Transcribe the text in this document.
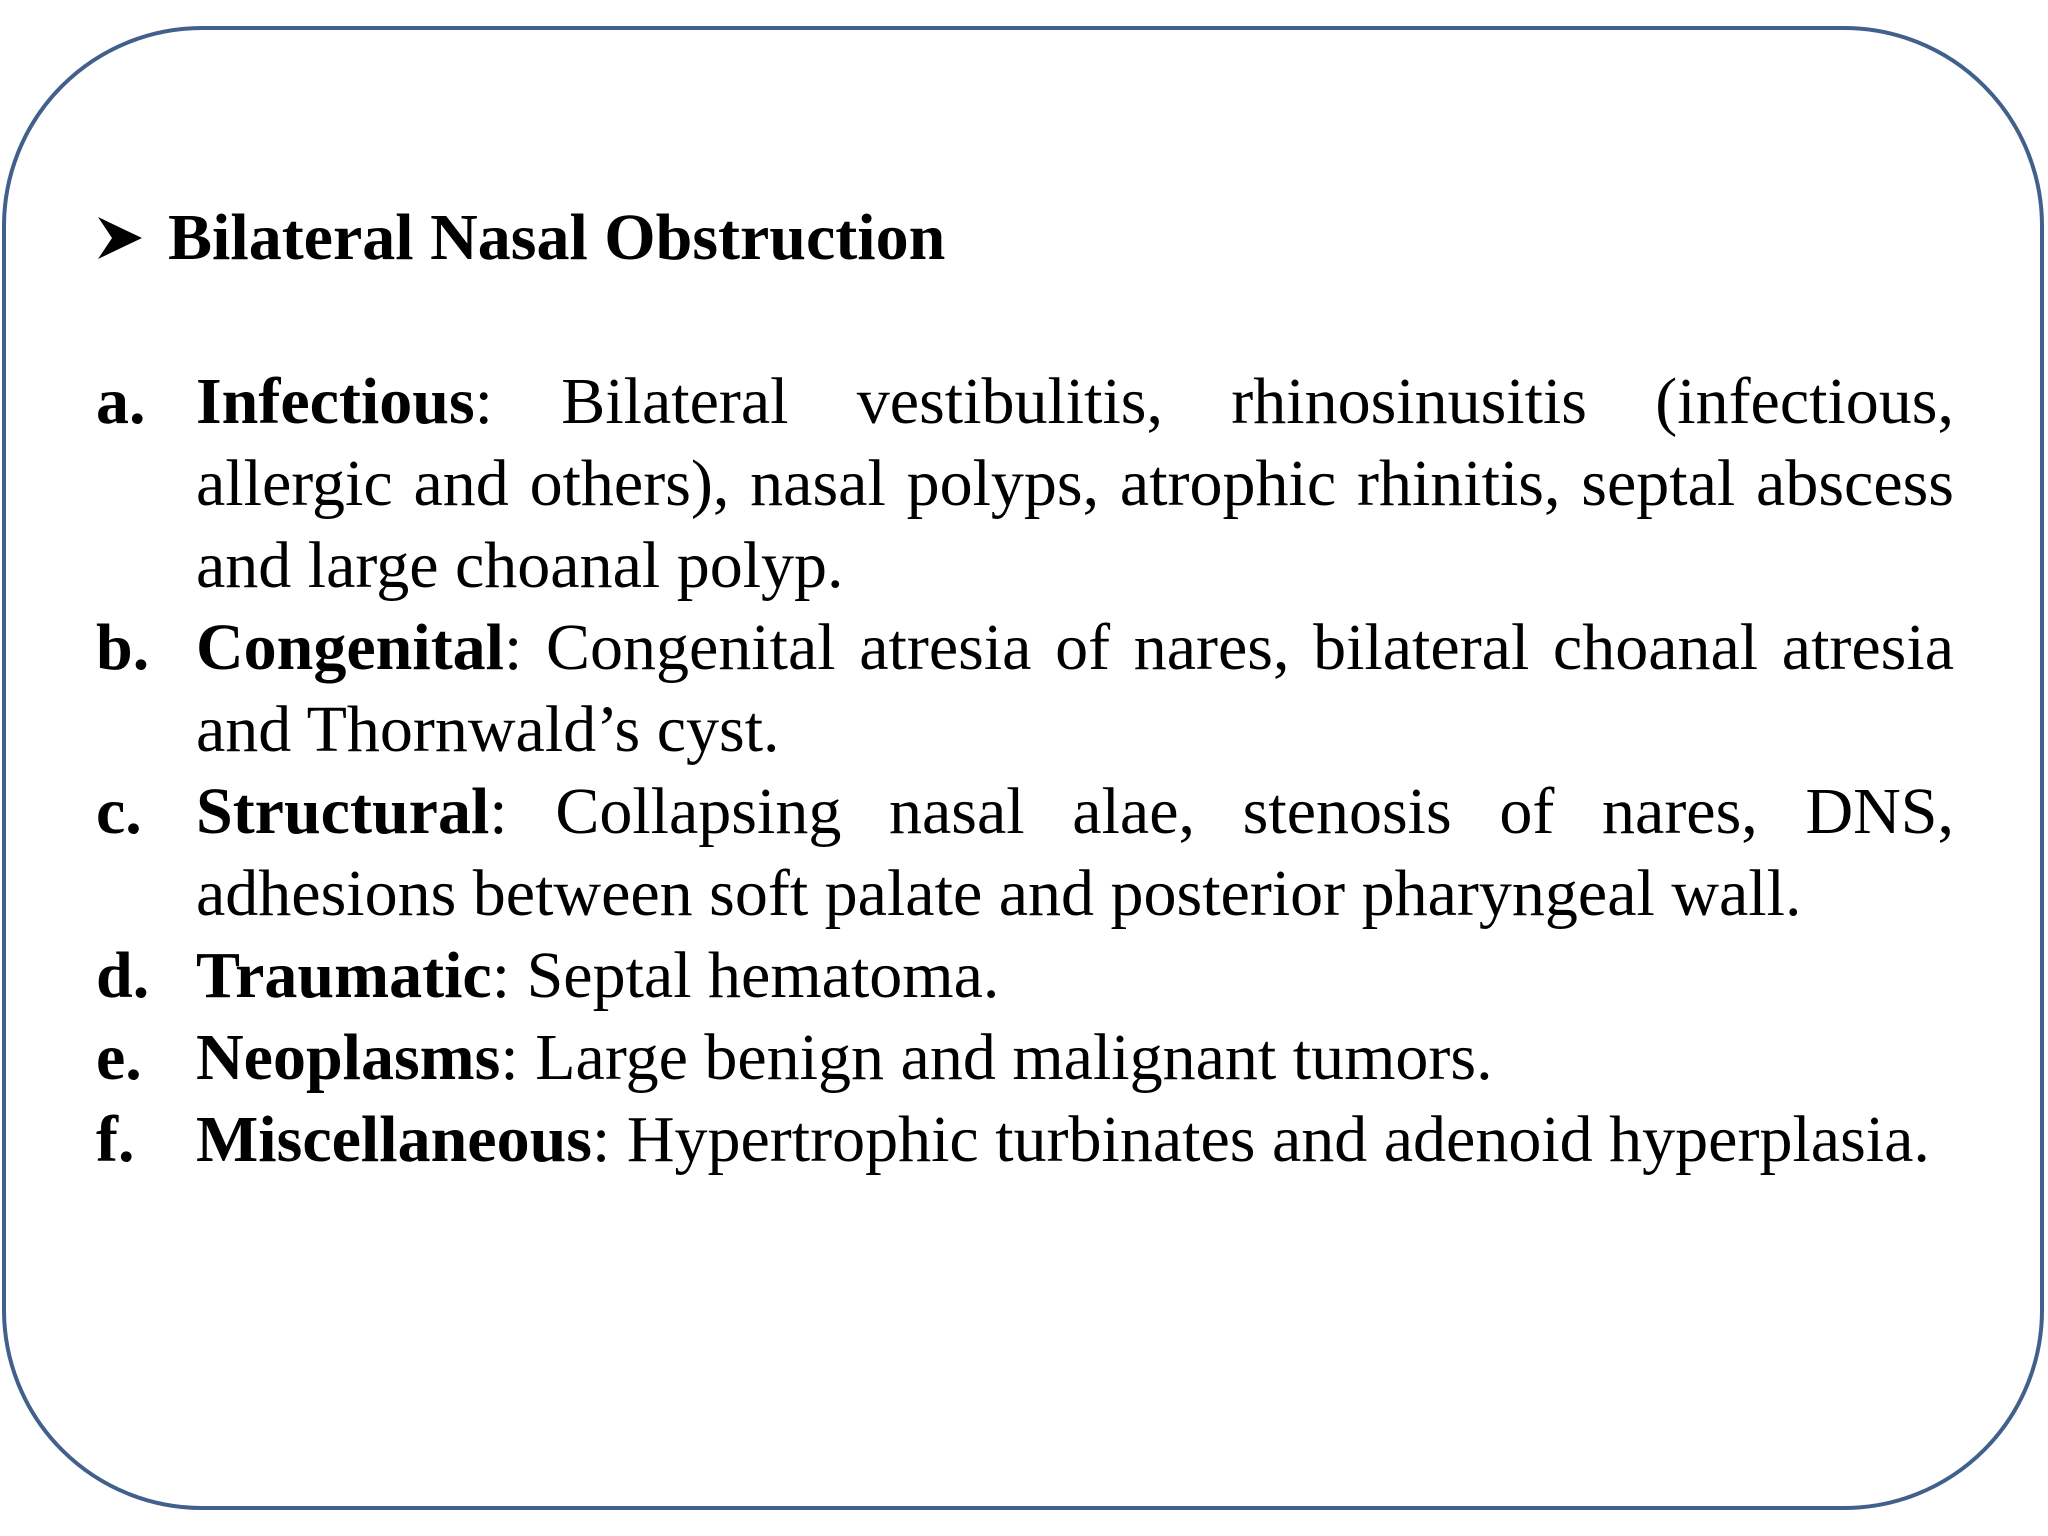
Bilateral Nasal Obstruction
a. Infectious: Bilateral vestibulitis, rhinosinusitis (infectious, allergic and others), nasal polyps, atrophic rhinitis, septal abscess and large choanal polyp.
b. Congenital: Congenital atresia of nares, bilateral choanal atresia and Thornwald’s cyst.
c. Structural: Collapsing nasal alae, stenosis of nares, DNS, adhesions between soft palate and posterior pharyngeal wall.
d. Traumatic: Septal hematoma.
e. Neoplasms: Large benign and malignant tumors.
f. Miscellaneous: Hypertrophic turbinates and adenoid hyperplasia.
